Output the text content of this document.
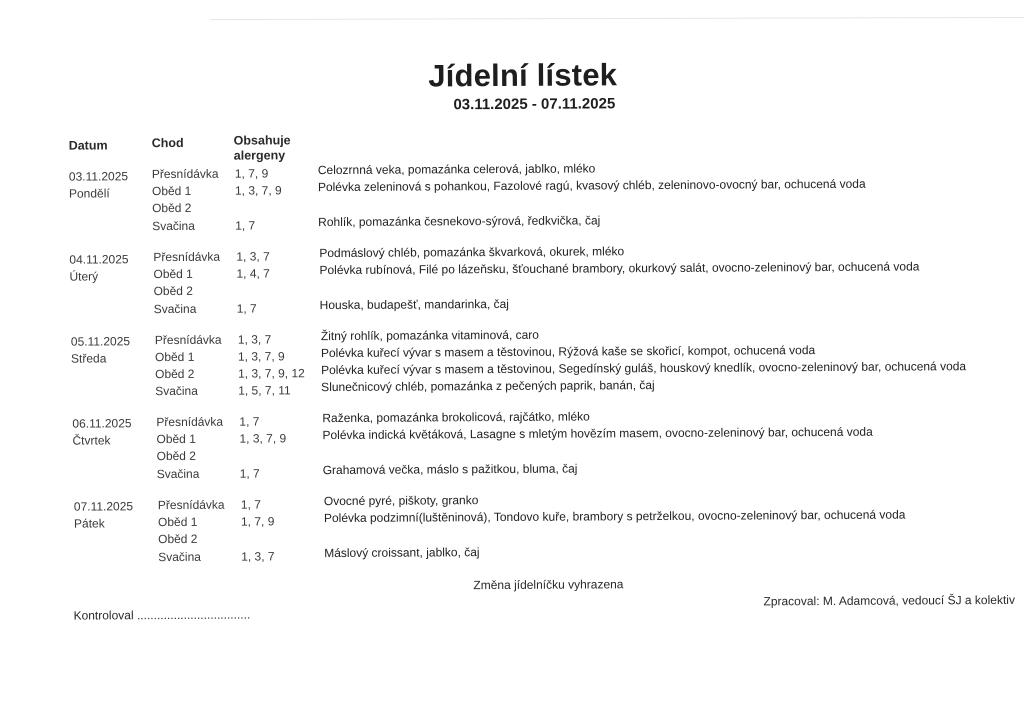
Jídelní lístek
03.11.2025 - 07.11.2025
Datum	Chod	Obsahuje
alergeny
03.11.2025
Pondělí
Přesnídávka 1, 7, 9	Celozrnná veka, pomazánka celerová, jablko, mléko
Oběd 1	1, 3, 7, 9	Polévka zeleninová s pohankou, Fazolové ragú, kvasový chléb, zeleninovo-ovocný bar, ochucená voda
Oběd 2
Svačina	1, 7	Rohlík, pomazánka česnekovo-sýrová, ředkvička, čaj
04.11.2025
Úterý
Přesnídávka 1, 3, 7	Podmáslový chléb, pomazánka škvarková, okurek, mléko
Oběd 1	1, 4, 7	Polévka rubínová, Filé po lázeňsku, šťouchané brambory, okurkový salát, ovocno-zeleninový bar, ochucená voda
Oběd 2
Svačina	1, 7	Houska, budapešť, mandarinka, čaj
05.11.2025
Středa
Přesnídávka 1, 3, 7	Žitný rohlík, pomazánka vitaminová, caro
Oběd 1	1, 3, 7, 9	Polévka kuřecí vývar s masem a těstovinou, Rýžová kaše se skořicí, kompot, ochucená voda
Oběd 2	1, 3, 7, 9, 12 Polévka kuřecí vývar s masem a těstovinou, Segedínský guláš, houskový knedlík, ovocno-zeleninový bar, ochucená voda
Svačina	1, 5, 7, 11	Slunečnicový chléb, pomazánka z pečených paprik, banán, čaj
06.11.2025
Čtvrtek
Přesnídávka 1, 7	Raženka, pomazánka brokolicová, rajčátko, mléko
Oběd 1	1, 3, 7, 9	Polévka indická květáková, Lasagne s mletým hovězím masem, ovocno-zeleninový bar, ochucená voda
Oběd 2
Svačina	1, 7	Grahamová večka, máslo s pažitkou, bluma, čaj
07.11.2025
Pátek
Přesnídávka 1, 7	Ovocné pyré, piškoty, granko
Oběd 1	1, 7, 9	Polévka podzimní(luštěninová), Tondovo kuře, brambory s petrželkou, ovocno-zeleninový bar, ochucená voda
Oběd 2
Svačina	1, 3, 7	Máslový croissant, jablko, čaj
Změna jídelníčku vyhrazena
Kontroloval ..................................
Zpracoval: M. Adamcová, vedoucí ŠJ a kolektiv
